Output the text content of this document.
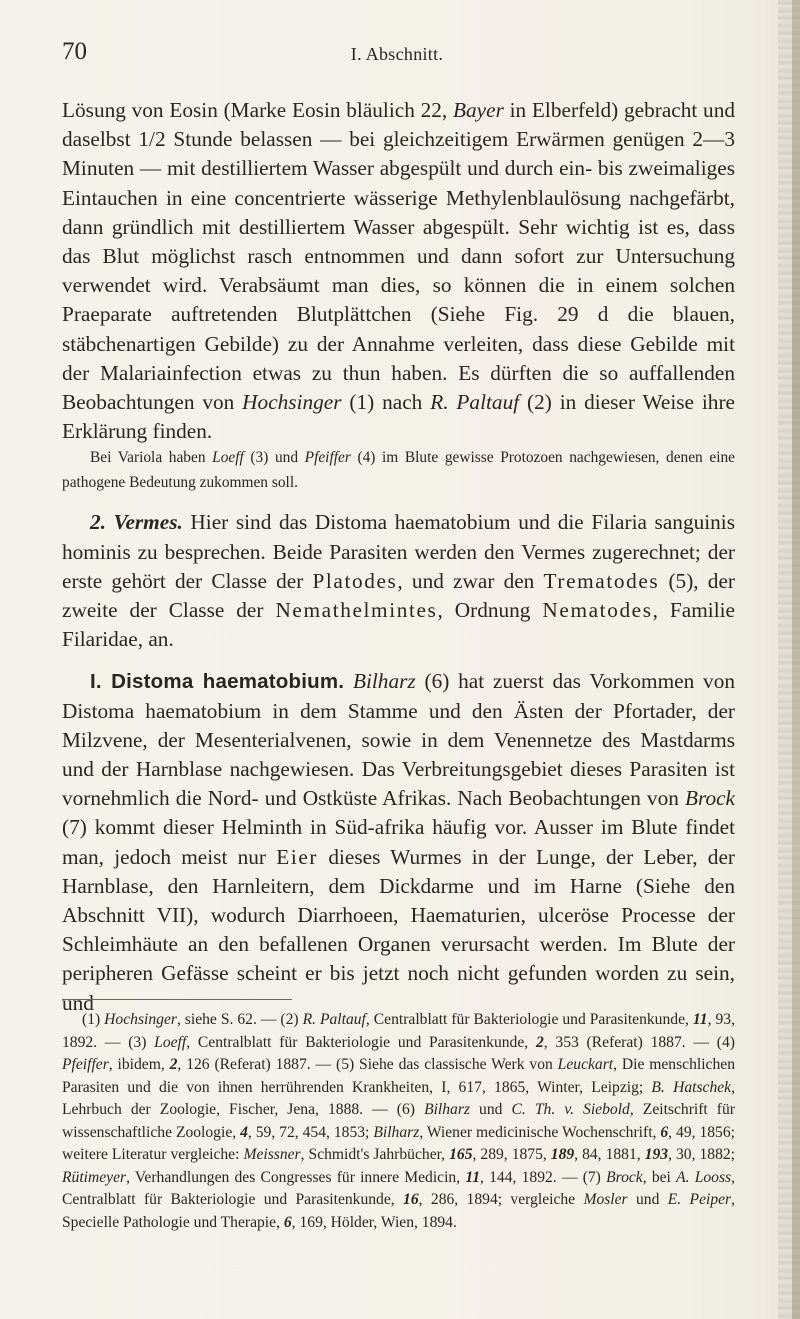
70	I. Abschnitt.

Lösung von Eosin (Marke Eosin bläulich 22, Bayer in Elberfeld) gebracht und daselbst 1/2 Stunde belassen — bei gleichzeitigem Erwärmen genügen 2—3 Minuten — mit destilliertem Wasser abgespült und durch ein- bis zweimaliges Eintauchen in eine concentrierte wässerige Methylenblaulösung nachgefärbt, dann gründlich mit destilliertem Wasser abgespült. Sehr wichtig ist es, dass das Blut möglichst rasch entnommen und dann sofort zur Untersuchung verwendet wird. Verabsäumt man dies, so können die in einem solchen Praeparate auftretenden Blutplättchen (Siehe Fig. 29 d die blauen, stäbchenartigen Gebilde) zu der Annahme verleiten, dass diese Gebilde mit der Malariainfection etwas zu thun haben. Es dürften die so auffallenden Beobachtungen von Hochsinger (1) nach R. Paltauf (2) in dieser Weise ihre Erklärung finden.

Bei Variola haben Loeff (3) und Pfeiffer (4) im Blute gewisse Protozoen nachgewiesen, denen eine pathogene Bedeutung zukommen soll.

2. Vermes. Hier sind das Distoma haematobium und die Filaria sanguinis hominis zu besprechen. Beide Parasiten werden den Vermes zugerechnet; der erste gehört der Classe der Platodes, und zwar den Trematodes (5), der zweite der Classe der Nemathelmintes, Ordnung Nematodes, Familie Filaridae, an.

I. Distoma haematobium. Bilharz (6) hat zuerst das Vorkommen von Distoma haematobium in dem Stamme und den Ästen der Pfortader, der Milzvene, der Mesenterialvenen, sowie in dem Venennetze des Mastdarms und der Harnblase nachgewiesen. Das Verbreitungsgebiet dieses Parasiten ist vornehmlich die Nord- und Ostküste Afrikas. Nach Beobachtungen von Brock (7) kommt dieser Helminth in Süd-afrika häufig vor. Ausser im Blute findet man, jedoch meist nur Eier dieses Wurmes in der Lunge, der Leber, der Harnblase, den Harnleitern, dem Dickdarme und im Harne (Siehe den Abschnitt VII), wodurch Diarrhoeen, Haematurien, ulceröse Processe der Schleimhäute an den befallenen Organen verursacht werden. Im Blute der peripheren Gefässe scheint er bis jetzt noch nicht gefunden worden zu sein, und

(1) Hochsinger, siehe S. 62. — (2) R. Paltauf, Centralblatt für Bakteriologie und Parasitenkunde, 11, 93, 1892. — (3) Loeff, Centralblatt für Bakteriologie und Parasitenkunde, 2, 353 (Referat) 1887. — (4) Pfeiffer, ibidem, 2, 126 (Referat) 1887. — (5) Siehe das classische Werk von Leuckart, Die menschlichen Parasiten und die von ihnen herrührenden Krankheiten, I, 617, 1865, Winter, Leipzig; B. Hatschek, Lehrbuch der Zoologie, Fischer, Jena, 1888. — (6) Bilharz und C. Th. v. Siebold, Zeitschrift für wissenschaftliche Zoologie, 4, 59, 72, 454, 1853; Bilharz, Wiener medicinische Wochenschrift, 6, 49, 1856; weitere Literatur vergleiche: Meissner, Schmidt's Jahrbücher, 165, 289, 1875, 189, 84, 1881, 193, 30, 1882; Rütimeyer, Verhandlungen des Congresses für innere Medicin, 11, 144, 1892. — (7) Brock, bei A. Looss, Centralblatt für Bakteriologie und Parasitenkunde, 16, 286, 1894; vergleiche Mosler und E. Peiper, Specielle Pathologie und Therapie, 6, 169, Hölder, Wien, 1894.
